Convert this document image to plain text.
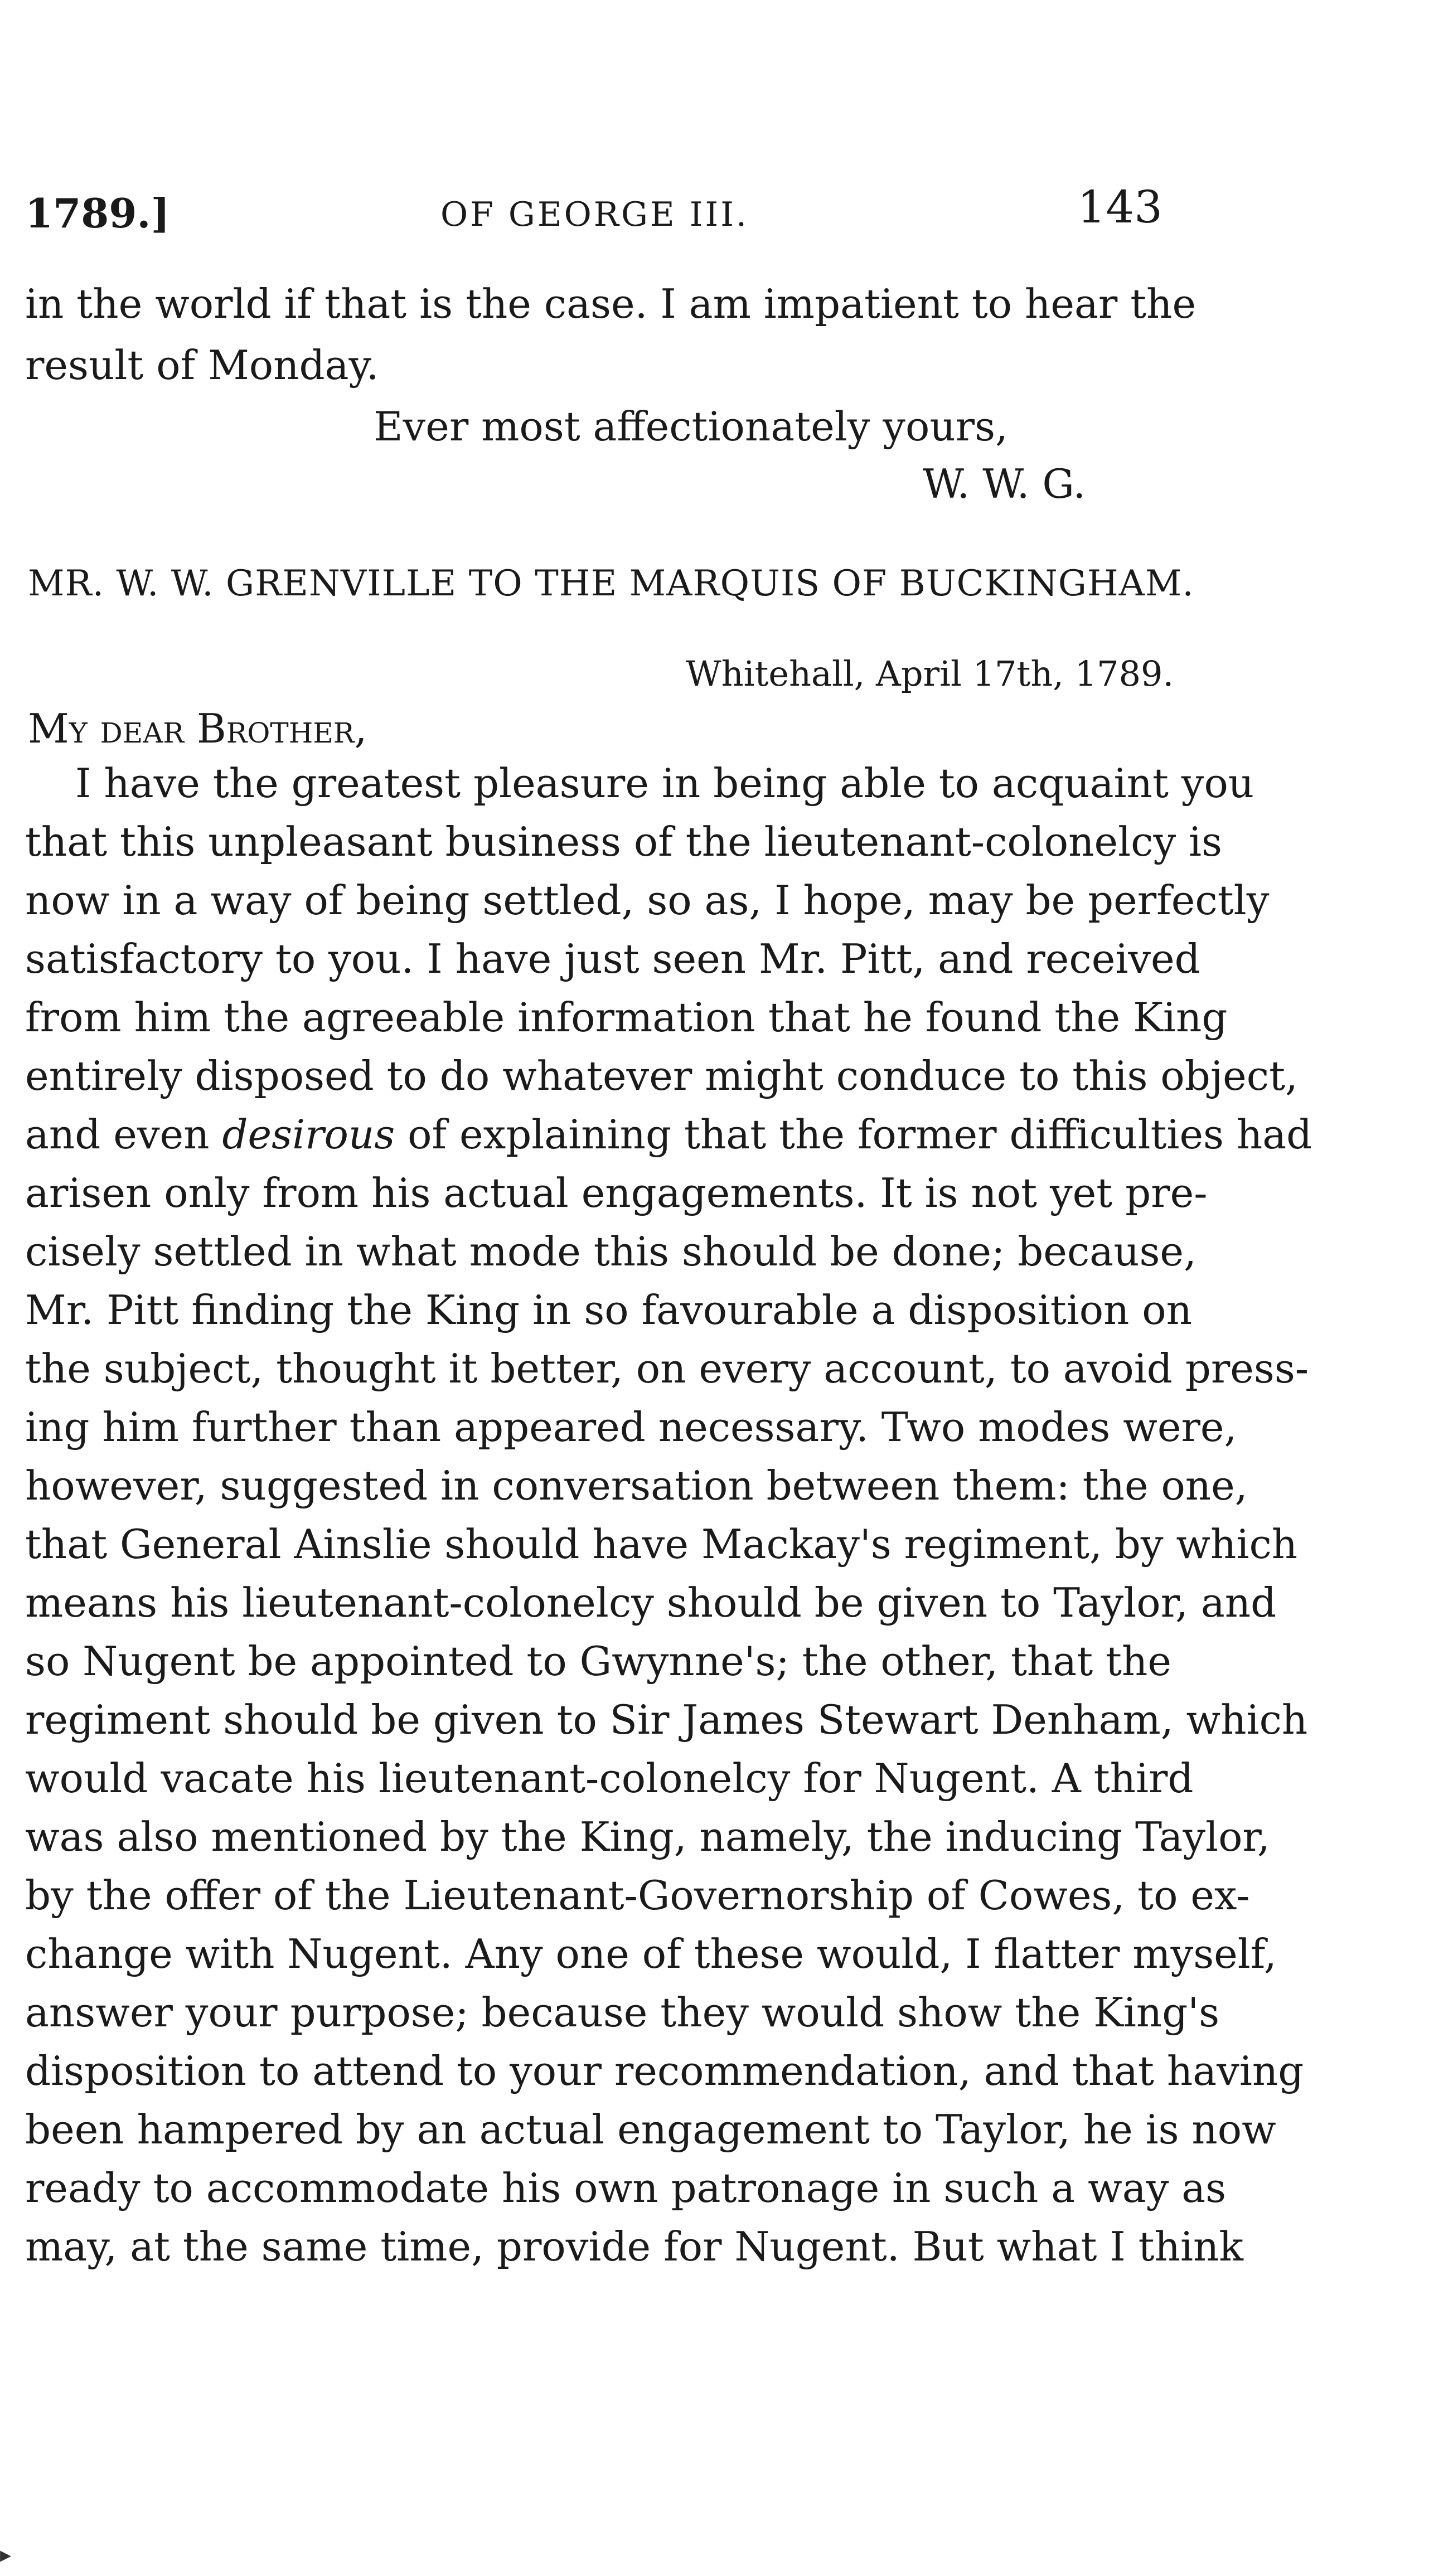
1789.]	OF GEORGE III.	143
in the world if that is the case. I am impatient to hear the
result of Monday.
Ever most affectionately yours,
W. W. G.
MR. W. W. GRENVILLE TO THE MARQUIS OF BUCKINGHAM.
Whitehall, April 17th, 1789.
My dear Brother,
I have the greatest pleasure in being able to acquaint you
that this unpleasant business of the lieutenant-colonelcy is
now in a way of being settled, so as, I hope, may be perfectly
satisfactory to you. I have just seen Mr. Pitt, and received
from him the agreeable information that he found the King
entirely disposed to do whatever might conduce to this object,
and even desirous of explaining that the former difficulties had
arisen only from his actual engagements. It is not yet pre-
cisely settled in what mode this should be done; because,
Mr. Pitt finding the King in so favourable a disposition on
the subject, thought it better, on every account, to avoid press-
ing him further than appeared necessary. Two modes were,
however, suggested in conversation between them: the one,
that General Ainslie should have Mackay's regiment, by which
means his lieutenant-colonelcy should be given to Taylor, and
so Nugent be appointed to Gwynne's; the other, that the
regiment should be given to Sir James Stewart Denham, which
would vacate his lieutenant-colonelcy for Nugent. A third
was also mentioned by the King, namely, the inducing Taylor,
by the offer of the Lieutenant-Governorship of Cowes, to ex-
change with Nugent. Any one of these would, I flatter myself,
answer your purpose; because they would show the King's
disposition to attend to your recommendation, and that having
been hampered by an actual engagement to Taylor, he is now
ready to accommodate his own patronage in such a way as
may, at the same time, provide for Nugent. But what I think
▸
